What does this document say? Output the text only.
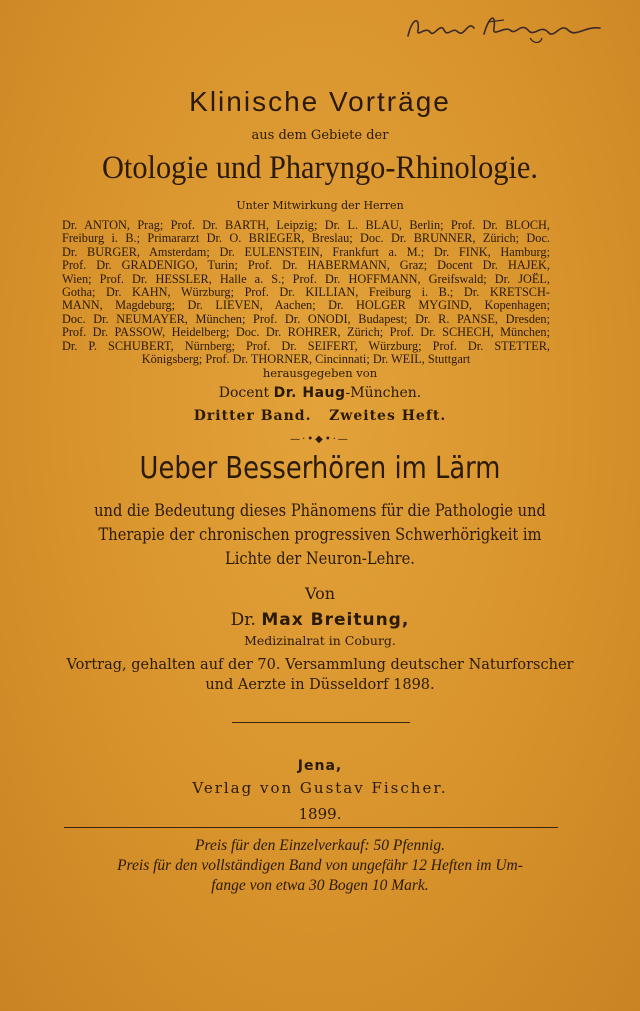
Klinische Vorträge
aus dem Gebiete der
Otologie und Pharyngo-Rhinologie.
Unter Mitwirkung der Herren
Dr. ANTON, Prag; Prof. Dr. BARTH, Leipzig; Dr. L. BLAU, Berlin; Prof. Dr. BLOCH,
Freiburg i. B.; Primararzt Dr. O. BRIEGER, Breslau; Doc. Dr. BRUNNER, Zürich; Doc.
Dr. BURGER, Amsterdam; Dr. EULENSTEIN, Frankfurt a. M.; Dr. FINK, Hamburg;
Prof. Dr. GRADENIGO, Turin; Prof. Dr. HABERMANN, Graz; Docent Dr. HAJEK,
Wien; Prof. Dr. HESSLER, Halle a. S.; Prof. Dr. HOFFMANN, Greifswald; Dr. JOËL,
Gotha; Dr. KAHN, Würzburg; Prof. Dr. KILLIAN, Freiburg i. B.; Dr. KRETSCH-
MANN, Magdeburg; Dr. LIEVEN, Aachen; Dr. HOLGER MYGIND, Kopenhagen;
Doc. Dr. NEUMAYER, München; Prof. Dr. ONODI, Budapest; Dr. R. PANSE, Dresden;
Prof. Dr. PASSOW, Heidelberg; Doc. Dr. ROHRER, Zürich; Prof. Dr. SCHECH, München;
Dr. P. SCHUBERT, Nürnberg; Prof. Dr. SEIFERT, Würzburg; Prof. Dr. STETTER,
Königsberg; Prof. Dr. THORNER, Cincinnati; Dr. WEIL, Stuttgart
herausgegeben von
Docent Dr. Haug-München.
Dritter Band.   Zweites Heft.
—·•◆•·—
Ueber Besserhören im Lärm
und die Bedeutung dieses Phänomens für die Pathologie und
Therapie der chronischen progressiven Schwerhörigkeit im
Lichte der Neuron-Lehre.
Von
Dr. Max Breitung,
Medizinalrat in Coburg.
Vortrag, gehalten auf der 70. Versammlung deutscher Naturforscher
und Aerzte in Düsseldorf 1898.
Jena,
Verlag von Gustav Fischer.
1899.
Preis für den Einzelverkauf: 50 Pfennig.
Preis für den vollständigen Band von ungefähr 12 Heften im Um-
fange von etwa 30 Bogen 10 Mark.
